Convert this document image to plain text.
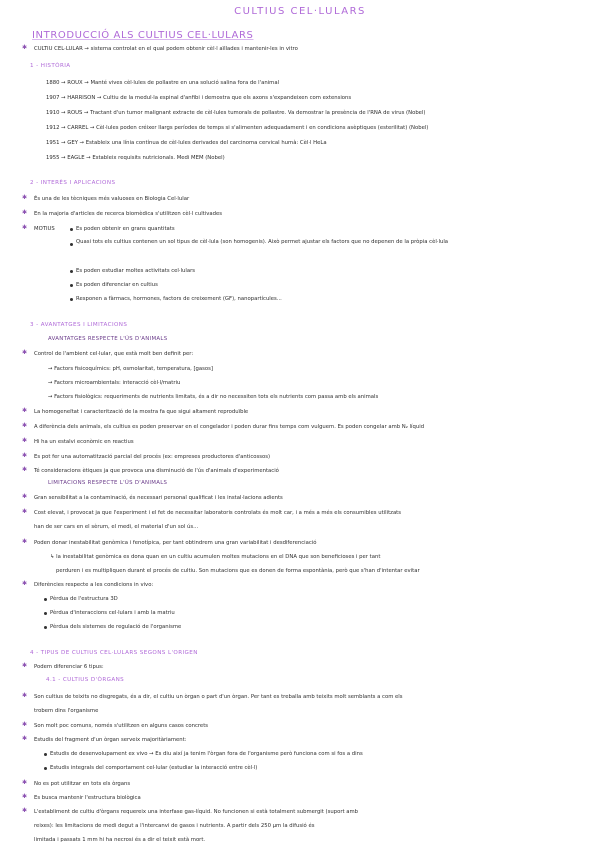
CULTIUS CEL·LULARS
INTRODUCCIÓ ALS CULTIUS CEL·LULARS
✱ CULTIU CEL·LULAR → sistema controlat en el qual podem obtenir cèl·l aïllades i mantenir-les in vitro
1 - HISTÒRIA
1880 → ROUX → Manté vives cèl·lules de pollastre en una solució salina fora de l'animal
1907 → HARRISON → Cultiu de la medul·la espinal d'anfibi i demostra que els axons s'expandeixen com extensions
1910 → ROUS → Tractant d'un tumor malignant extracte de cèl·lules tumorals de pollastre. Va demostrar la presència de l'RNA de virus (Nobel)
1912 → CARREL → Cèl·lules poden créixer llargs períodes de temps si s'alimenten adequadament i en condicions asèptiques (esterilitat) (Nobel)
1951 → GEY → Estableix una línia contínua de cèl·lules derivades del carcinoma cervical humà: Cèl·l HeLa
1955 → EAGLE → Estableix requisits nutricionals. Medi MEM (Nobel)
2 - INTERÈS I APLICACIONS
✱ És una de les tècniques més valuoses en Biologia Cel·lular
✱ En la majoria d'articles de recerca biomèdica s'utilitzen cèl·l cultivades
✱ MOTIUS	Es poden obtenir en grans quantitats
Quasi tots els cultius contenen un sol tipus de cèl·lula (son homogenis). Això permet ajustar els factors que no depenen de la pròpia cèl·lula
Es poden estudiar moltes activitats cel·lulars
Es poden diferenciar en cultius
Responen a fàrmacs, hormones, factors de creixement (GF), nanopartícules...
3 - AVANTATGES I LIMITACIONS
AVANTATGES RESPECTE L'ÚS D'ANIMALS
✱ Control de l'ambient cel·lular, que està molt ben definit per:
→ Factors fisicoquímics: pH, osmolaritat, temperatura, [gasos]
→ Factors microambientals: interacció cèl·l/matriu
→ Factors fisiològics: requeriments de nutrients limitats, és a dir no necessiten tots els nutrients com passa amb els animals
✱ La homogeneïtat i caracterització de la mostra fa que sigui altament reproduïble
✱ A diferència dels animals, els cultius es poden preservar en el congelador i poden durar fins temps com vulguem. Es poden congelar amb N₂ líquid
✱ Hi ha un estalvi econòmic en reactius
✱ Es pot fer una automatització parcial del procés (ex: empreses productores d'anticossos)
✱ Té consideracions ètiques ja que provoca una disminució de l'ús d'animals d'experimentació
LIMITACIONS RESPECTE L'ÚS D'ANIMALS
✱ Gran sensibilitat a la contaminació, és necessari personal qualificat i les instal·lacions adients
✱ Cost elevat, i provocat ja que l'experiment i el fet de necessitar laboratoris controlats és molt car, i a més a més els consumibles utilitzats
han de ser cars en el sèrum, el medi, el material d'un sol ús...
✱ Poden donar inestabilitat genòmica i fenotípica, per tant obtindrem una gran variabilitat i desdiferenciació
↳ la inestabilitat genòmica es dona quan en un cultiu acumulen moltes mutacions en el DNA que son beneficioses i per tant
perduren i es multipliquen durant el procés de cultiu. Son mutacions que es donen de forma espontània, però que s'han d'intentar evitar
✱ Diferències respecte a les condicions in vivo:
Pèrdua de l'estructura 3D
Pèrdua d'interaccions cel·lulars i amb la matriu
Pèrdua dels sistemes de regulació de l'organisme
4 - TIPUS DE CULTIUS CEL·LULARS SEGONS L'ORIGEN
✱ Podem diferenciar 6 tipus:
4.1 - CULTIUS D'ÒRGANS
✱ Son cultius de teixits no disgregats, és a dir, el cultiu un òrgan o part d'un òrgan. Per tant es treballa amb teixits molt semblants a com els
trobem dins l'organisme
✱ Son molt poc comuns, només s'utilitzen en alguns casos concrets
✱ Estudis del fragment d'un òrgan serveix majoritàriament:
Estudis de desenvolupament ex vivo → Es diu així ja tenim l'òrgan fora de l'organisme però funciona com si fos a dins
Estudis integrals del comportament cel·lular (estudiar la interacció entre cèl·l)
✱ No es pot utilitzar en tots els òrgans
✱ Es busca mantenir l'estructura biològica
✱ L'establiment de cultiu d'òrgans requereix una interfase gas-líquid. No funcionen si està totalment submergit (suport amb
reixes): les limitacions de medi degut a l'intercanvi de gasos i nutrients. A partir dels 250 µm la difusió és
limitada i passats 1 mm hi ha necrosi és a dir el teixit està mort.
